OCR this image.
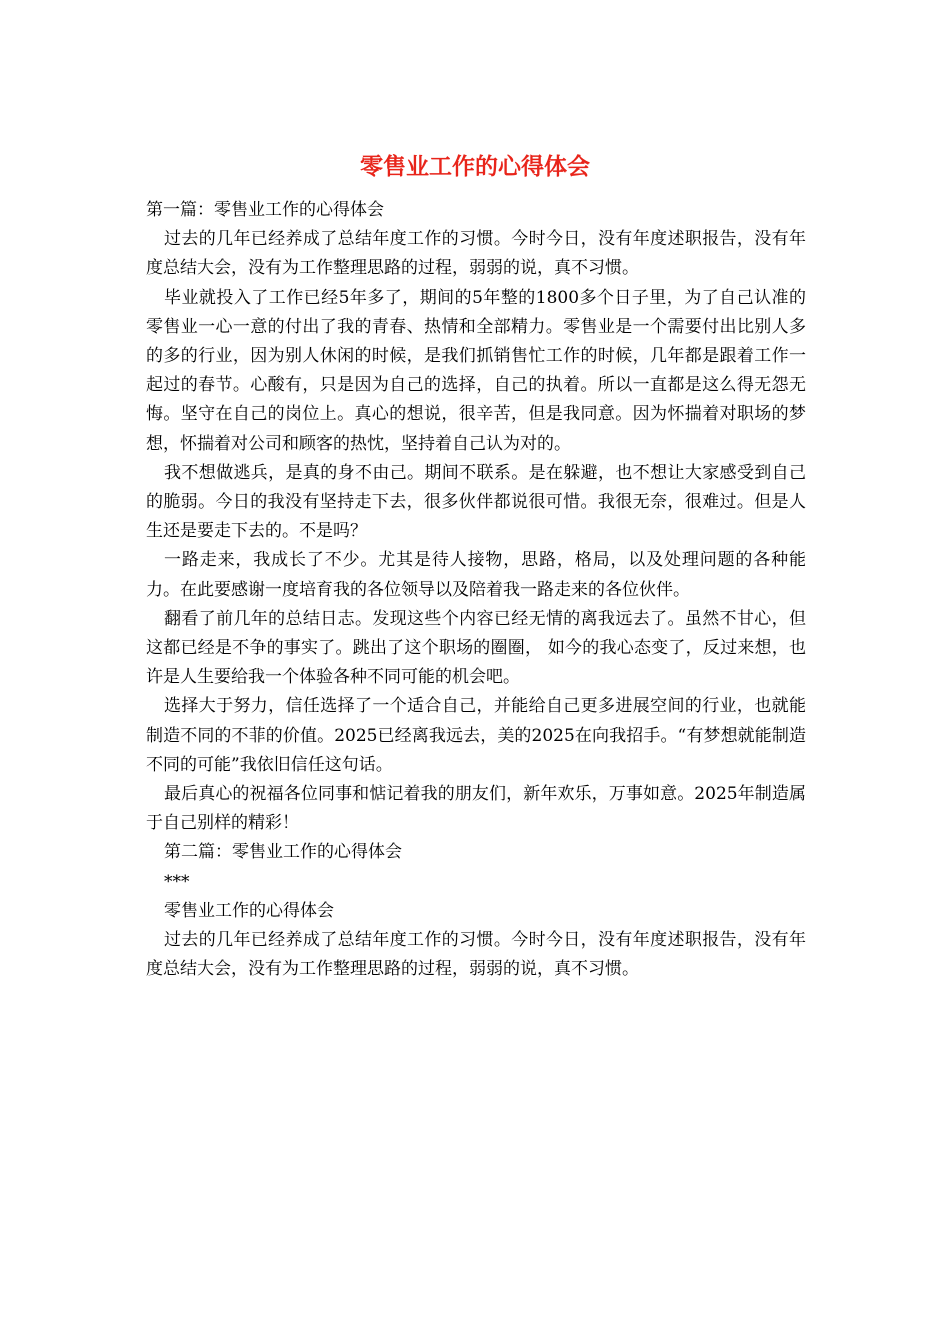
零售业工作的心得体会

第一篇：零售业工作的心得体会

过去的几年已经养成了总结年度工作的习惯。今时今日，没有年度述职报告，没有年度总结大会，没有为工作整理思路的过程，弱弱的说，真不习惯。

毕业就投入了工作已经5年多了，期间的5年整的1800多个日子里，为了自己认准的零售业一心一意的付出了我的青春、热情和全部精力。零售业是一个需要付出比别人多的多的行业，因为别人休闲的时候，是我们抓销售忙工作的时候，几年都是跟着工作一起过的春节。心酸有，只是因为自己的选择，自己的执着。所以一直都是这么得无怨无悔。坚守在自己的岗位上。真心的想说，很辛苦，但是我同意。因为怀揣着对职场的梦想，怀揣着对公司和顾客的热忱，坚持着自己认为对的。

我不想做逃兵，是真的身不由己。期间不联系。是在躲避，也不想让大家感受到自己的脆弱。今日的我没有坚持走下去，很多伙伴都说很可惜。我很无奈，很难过。但是人生还是要走下去的。不是吗？

一路走来，我成长了不少。尤其是待人接物，思路，格局，以及处理问题的各种能力。在此要感谢一度培育我的各位领导以及陪着我一路走来的各位伙伴。

翻看了前几年的总结日志。发现这些个内容已经无情的离我远去了。虽然不甘心，但这都已经是不争的事实了。跳出了这个职场的圈圈， 如今的我心态变了，反过来想，也许是人生要给我一个体验各种不同可能的机会吧。

选择大于努力，信任选择了一个适合自己，并能给自己更多进展空间的行业，也就能制造不同的不菲的价值。2025已经离我远去，美的2025在向我招手。“有梦想就能制造不同的可能”我依旧信任这句话。

最后真心的祝福各位同事和惦记着我的朋友们，新年欢乐，万事如意。2025年制造属于自己别样的精彩！

第二篇：零售业工作的心得体会

***

零售业工作的心得体会

过去的几年已经养成了总结年度工作的习惯。今时今日，没有年度述职报告，没有年度总结大会，没有为工作整理思路的过程，弱弱的说，真不习惯。
